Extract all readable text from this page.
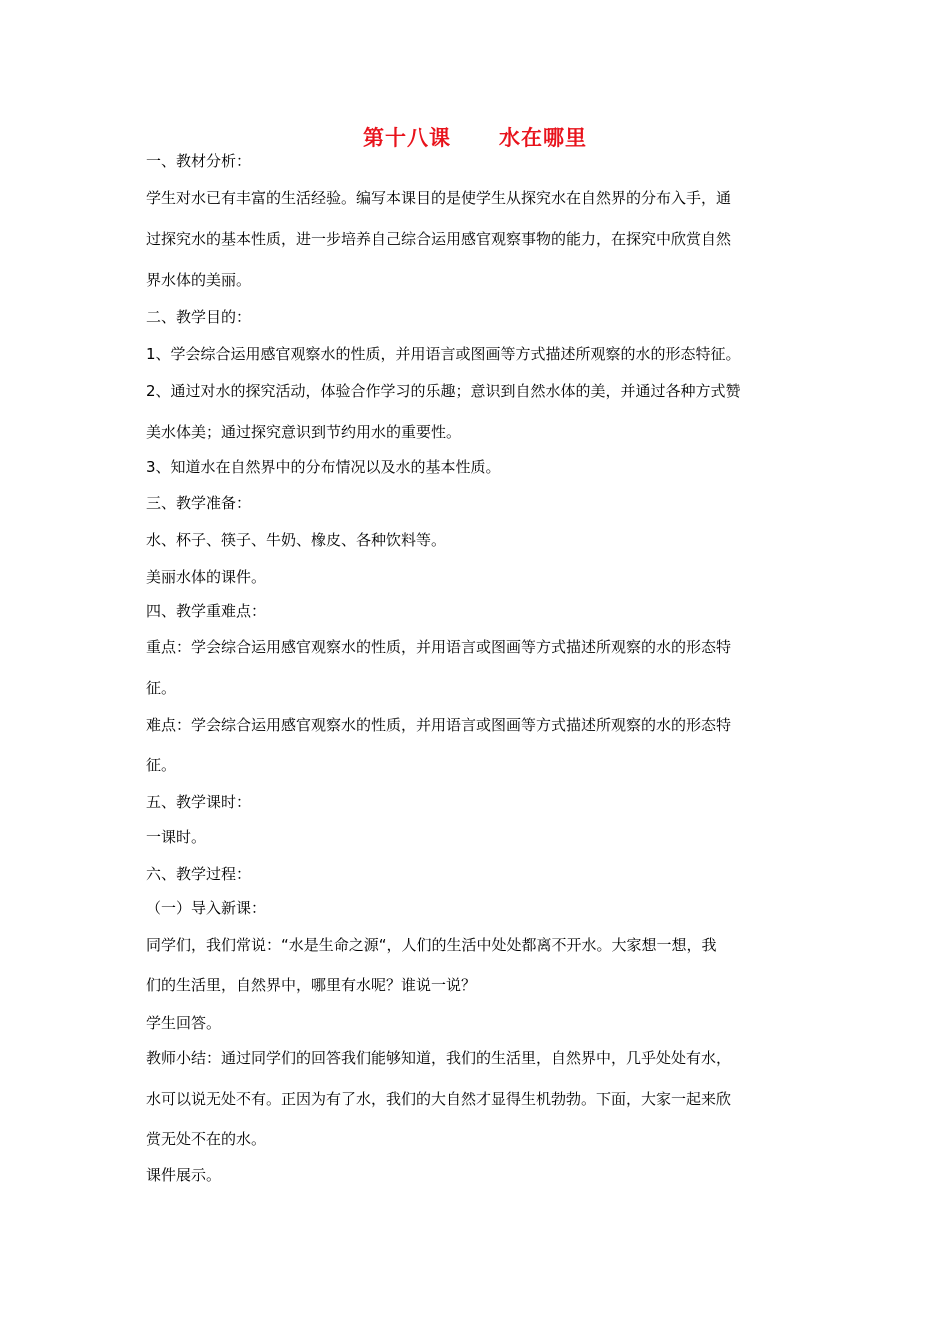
第十八课 水在哪里
一、教材分析：
学生对水已有丰富的生活经验。编写本课目的是使学生从探究水在自然界的分布入手，通
过探究水的基本性质，进一步培养自己综合运用感官观察事物的能力，在探究中欣赏自然
界水体的美丽。
二、教学目的：
1、学会综合运用感官观察水的性质，并用语言或图画等方式描述所观察的水的形态特征。
2、通过对水的探究活动，体验合作学习的乐趣；意识到自然水体的美，并通过各种方式赞
美水体美；通过探究意识到节约用水的重要性。
3、知道水在自然界中的分布情况以及水的基本性质。
三、教学准备：
水、杯子、筷子、牛奶、橡皮、各种饮料等。
美丽水体的课件。
四、教学重难点：
重点：学会综合运用感官观察水的性质，并用语言或图画等方式描述所观察的水的形态特
征。
难点：学会综合运用感官观察水的性质，并用语言或图画等方式描述所观察的水的形态特
征。
五、教学课时：
一课时。
六、教学过程：
（一）导入新课：
同学们，我们常说：“水是生命之源“，人们的生活中处处都离不开水。大家想一想，我
们的生活里，自然界中，哪里有水呢？谁说一说？
学生回答。
教师小结：通过同学们的回答我们能够知道，我们的生活里，自然界中，几乎处处有水，
水可以说无处不有。正因为有了水，我们的大自然才显得生机勃勃。下面，大家一起来欣
赏无处不在的水。
课件展示。
